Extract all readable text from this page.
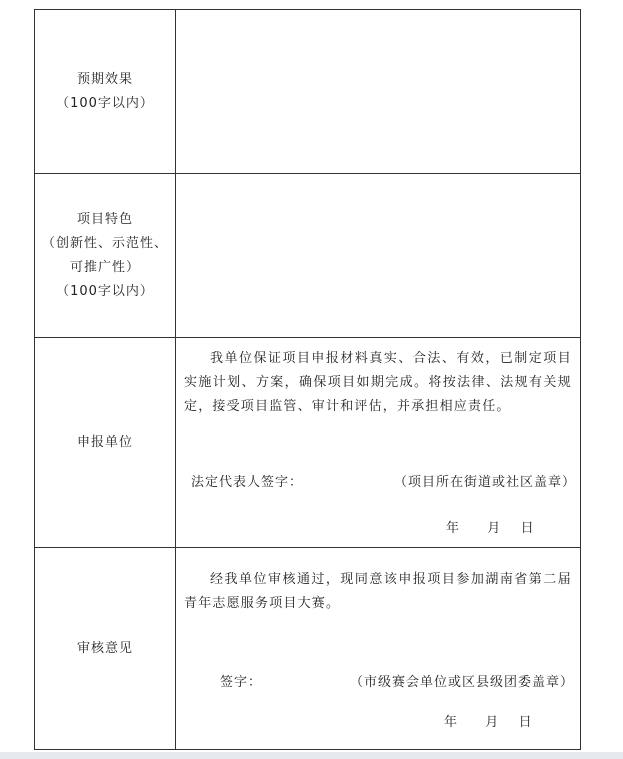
预期效果
（100字以内）	

项目特色
（创新性、示范性、
可推广性）
（100字以内）	

申报单位	我单位保证项目申报材料真实、合法、有效，已制定项目实施计划、方案，确保项目如期完成。将按法律、法规有关规定，接受项目监管、审计和评估，并承担相应责任。
法定代表人签字： （项目所在街道或社区盖章）
年 月 日

审核意见	经我单位审核通过，现同意该申报项目参加湖南省第二届青年志愿服务项目大赛。
签字： （市级赛会单位或区县级团委盖章）
年 月 日
